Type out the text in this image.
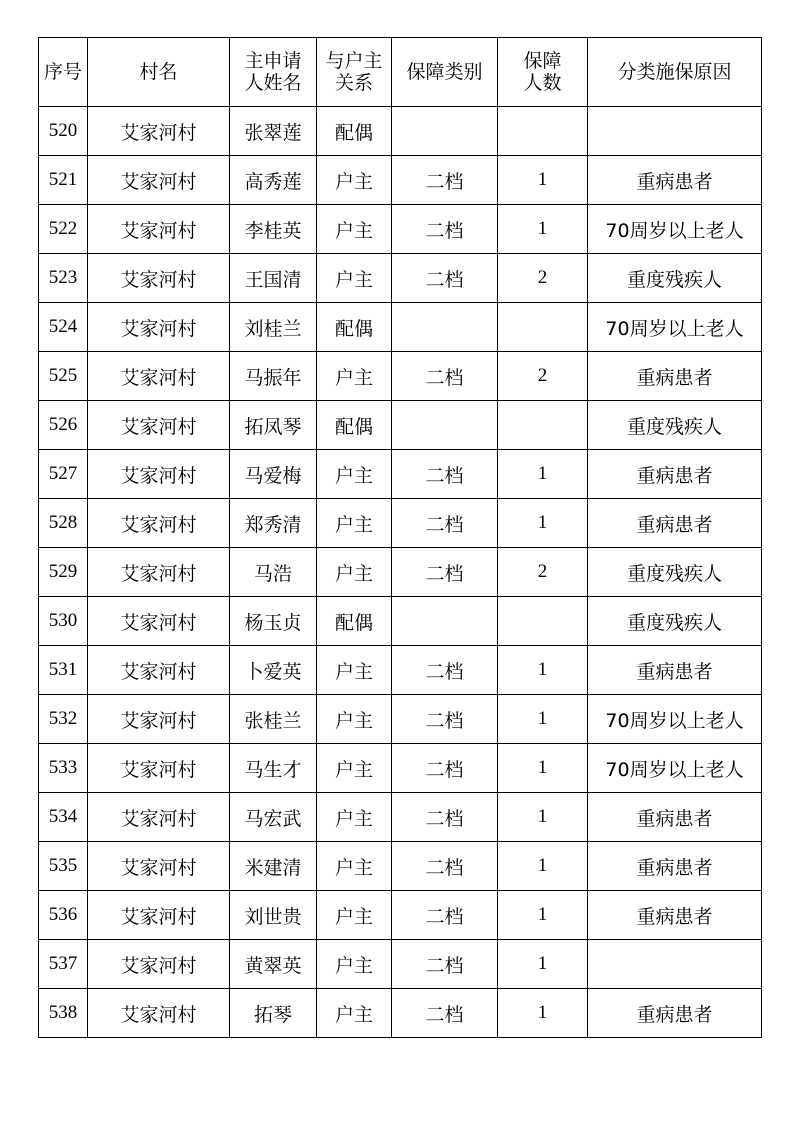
序号	村名	主申请人姓名	与户主关系	保障类别	保障人数	分类施保原因
520	艾家河村	张翠莲	配偶			
521	艾家河村	高秀莲	户主	二档	1	重病患者
522	艾家河村	李桂英	户主	二档	1	70周岁以上老人
523	艾家河村	王国清	户主	二档	2	重度残疾人
524	艾家河村	刘桂兰	配偶			70周岁以上老人
525	艾家河村	马振年	户主	二档	2	重病患者
526	艾家河村	拓凤琴	配偶			重度残疾人
527	艾家河村	马爱梅	户主	二档	1	重病患者
528	艾家河村	郑秀清	户主	二档	1	重病患者
529	艾家河村	马浩	户主	二档	2	重度残疾人
530	艾家河村	杨玉贞	配偶			重度残疾人
531	艾家河村	卜爱英	户主	二档	1	重病患者
532	艾家河村	张桂兰	户主	二档	1	70周岁以上老人
533	艾家河村	马生才	户主	二档	1	70周岁以上老人
534	艾家河村	马宏武	户主	二档	1	重病患者
535	艾家河村	米建清	户主	二档	1	重病患者
536	艾家河村	刘世贵	户主	二档	1	重病患者
537	艾家河村	黄翠英	户主	二档	1	
538	艾家河村	拓琴	户主	二档	1	重病患者
